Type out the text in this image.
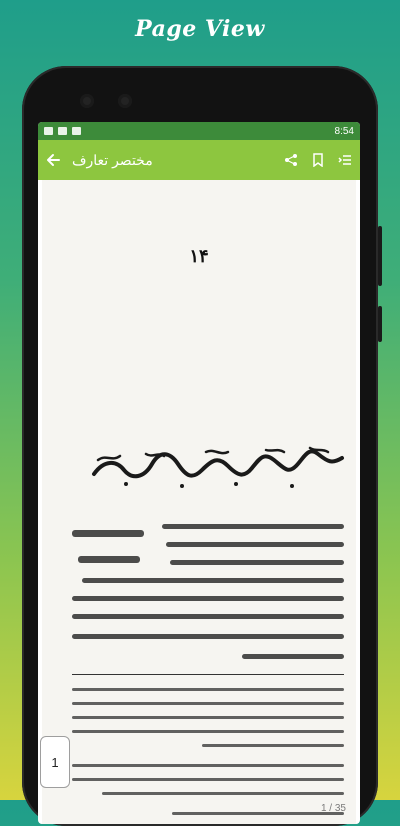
Page View
8:54
مختصر تعارف
۱۴
1
1 / 35
